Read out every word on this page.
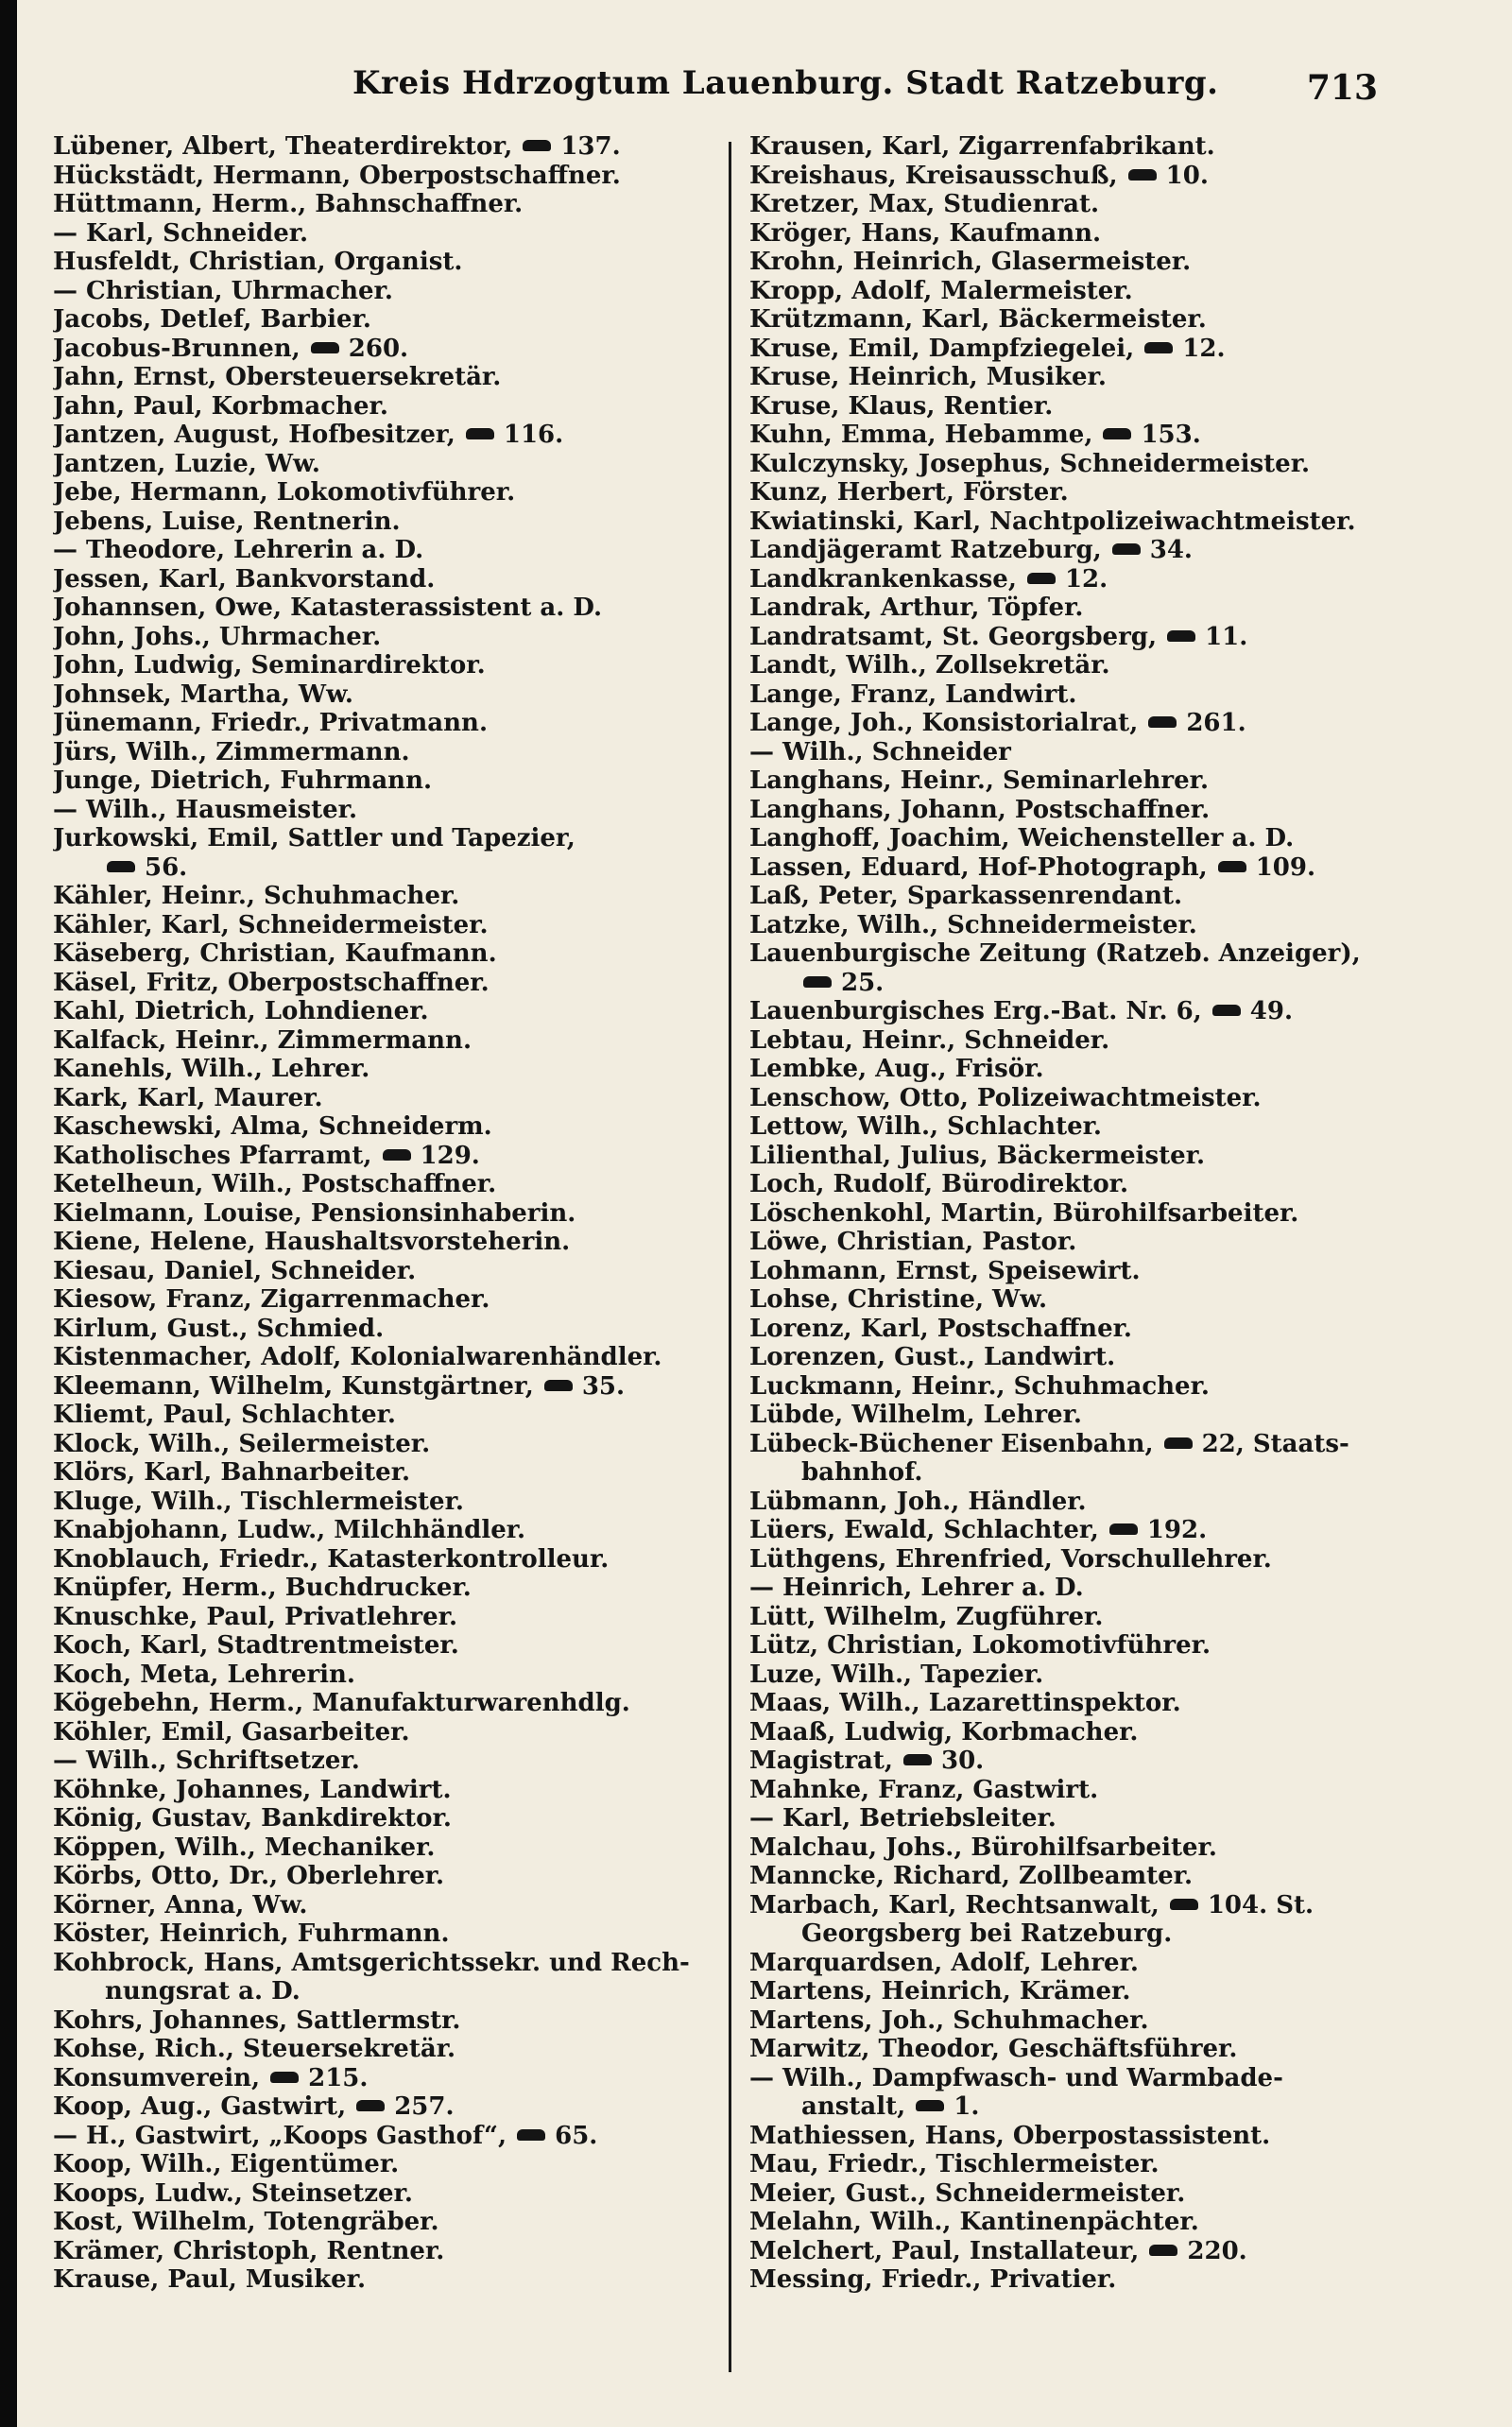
Kreis Hdrzogtum Lauenburg. Stadt Ratzeburg.	713
Lübener, Albert, Theaterdirektor, 137.
Hückstädt, Hermann, Oberpostschaffner.
Hüttmann, Herm., Bahnschaffner.
— Karl, Schneider.
Husfeldt, Christian, Organist.
— Christian, Uhrmacher.
Jacobs, Detlef, Barbier.
Jacobus-Brunnen, 260.
Jahn, Ernst, Obersteuersekretär.
Jahn, Paul, Korbmacher.
Jantzen, August, Hofbesitzer, 116.
Jantzen, Luzie, Ww.
Jebe, Hermann, Lokomotivführer.
Jebens, Luise, Rentnerin.
— Theodore, Lehrerin a. D.
Jessen, Karl, Bankvorstand.
Johannsen, Owe, Katasterassistent a. D.
John, Johs., Uhrmacher.
John, Ludwig, Seminardirektor.
Johnsek, Martha, Ww.
Jünemann, Friedr., Privatmann.
Jürs, Wilh., Zimmermann.
Junge, Dietrich, Fuhrmann.
— Wilh., Hausmeister.
Jurkowski, Emil, Sattler und Tapezier,
56.
Kähler, Heinr., Schuhmacher.
Kähler, Karl, Schneidermeister.
Käseberg, Christian, Kaufmann.
Käsel, Fritz, Oberpostschaffner.
Kahl, Dietrich, Lohndiener.
Kalfack, Heinr., Zimmermann.
Kanehls, Wilh., Lehrer.
Kark, Karl, Maurer.
Kaschewski, Alma, Schneiderm.
Katholisches Pfarramt, 129.
Ketelheun, Wilh., Postschaffner.
Kielmann, Louise, Pensionsinhaberin.
Kiene, Helene, Haushaltsvorsteherin.
Kiesau, Daniel, Schneider.
Kiesow, Franz, Zigarrenmacher.
Kirlum, Gust., Schmied.
Kistenmacher, Adolf, Kolonialwarenhändler.
Kleemann, Wilhelm, Kunstgärtner, 35.
Kliemt, Paul, Schlachter.
Klock, Wilh., Seilermeister.
Klörs, Karl, Bahnarbeiter.
Kluge, Wilh., Tischlermeister.
Knabjohann, Ludw., Milchhändler.
Knoblauch, Friedr., Katasterkontrolleur.
Knüpfer, Herm., Buchdrucker.
Knuschke, Paul, Privatlehrer.
Koch, Karl, Stadtrentmeister.
Koch, Meta, Lehrerin.
Kögebehn, Herm., Manufakturwarenhdlg.
Köhler, Emil, Gasarbeiter.
— Wilh., Schriftsetzer.
Köhnke, Johannes, Landwirt.
König, Gustav, Bankdirektor.
Köppen, Wilh., Mechaniker.
Körbs, Otto, Dr., Oberlehrer.
Körner, Anna, Ww.
Köster, Heinrich, Fuhrmann.
Kohbrock, Hans, Amtsgerichtssekr. und Rech-
nungsrat a. D.
Kohrs, Johannes, Sattlermstr.
Kohse, Rich., Steuersekretär.
Konsumverein, 215.
Koop, Aug., Gastwirt, 257.
— H., Gastwirt, „Koops Gasthof“, 65.
Koop, Wilh., Eigentümer.
Koops, Ludw., Steinsetzer.
Kost, Wilhelm, Totengräber.
Krämer, Christoph, Rentner.
Krause, Paul, Musiker.
Krausen, Karl, Zigarrenfabrikant.
Kreishaus, Kreisausschuß, 10.
Kretzer, Max, Studienrat.
Kröger, Hans, Kaufmann.
Krohn, Heinrich, Glasermeister.
Kropp, Adolf, Malermeister.
Krützmann, Karl, Bäckermeister.
Kruse, Emil, Dampfziegelei, 12.
Kruse, Heinrich, Musiker.
Kruse, Klaus, Rentier.
Kuhn, Emma, Hebamme, 153.
Kulczynsky, Josephus, Schneidermeister.
Kunz, Herbert, Förster.
Kwiatinski, Karl, Nachtpolizeiwachtmeister.
Landjägeramt Ratzeburg, 34.
Landkrankenkasse, 12.
Landrak, Arthur, Töpfer.
Landratsamt, St. Georgsberg, 11.
Landt, Wilh., Zollsekretär.
Lange, Franz, Landwirt.
Lange, Joh., Konsistorialrat, 261.
— Wilh., Schneider
Langhans, Heinr., Seminarlehrer.
Langhans, Johann, Postschaffner.
Langhoff, Joachim, Weichensteller a. D.
Lassen, Eduard, Hof-Photograph, 109.
Laß, Peter, Sparkassenrendant.
Latzke, Wilh., Schneidermeister.
Lauenburgische Zeitung (Ratzeb. Anzeiger),
25.
Lauenburgisches Erg.-Bat. Nr. 6, 49.
Lebtau, Heinr., Schneider.
Lembke, Aug., Frisör.
Lenschow, Otto, Polizeiwachtmeister.
Lettow, Wilh., Schlachter.
Lilienthal, Julius, Bäckermeister.
Loch, Rudolf, Bürodirektor.
Löschenkohl, Martin, Bürohilfsarbeiter.
Löwe, Christian, Pastor.
Lohmann, Ernst, Speisewirt.
Lohse, Christine, Ww.
Lorenz, Karl, Postschaffner.
Lorenzen, Gust., Landwirt.
Luckmann, Heinr., Schuhmacher.
Lübde, Wilhelm, Lehrer.
Lübeck-Büchener Eisenbahn, 22, Staats-
bahnhof.
Lübmann, Joh., Händler.
Lüers, Ewald, Schlachter, 192.
Lüthgens, Ehrenfried, Vorschullehrer.
— Heinrich, Lehrer a. D.
Lütt, Wilhelm, Zugführer.
Lütz, Christian, Lokomotivführer.
Luze, Wilh., Tapezier.
Maas, Wilh., Lazarettinspektor.
Maaß, Ludwig, Korbmacher.
Magistrat, 30.
Mahnke, Franz, Gastwirt.
— Karl, Betriebsleiter.
Malchau, Johs., Bürohilfsarbeiter.
Manncke, Richard, Zollbeamter.
Marbach, Karl, Rechtsanwalt, 104. St.
Georgsberg bei Ratzeburg.
Marquardsen, Adolf, Lehrer.
Martens, Heinrich, Krämer.
Martens, Joh., Schuhmacher.
Marwitz, Theodor, Geschäftsführer.
— Wilh., Dampfwasch- und Warmbade-
anstalt, 1.
Mathiessen, Hans, Oberpostassistent.
Mau, Friedr., Tischlermeister.
Meier, Gust., Schneidermeister.
Melahn, Wilh., Kantinenpächter.
Melchert, Paul, Installateur, 220.
Messing, Friedr., Privatier.
